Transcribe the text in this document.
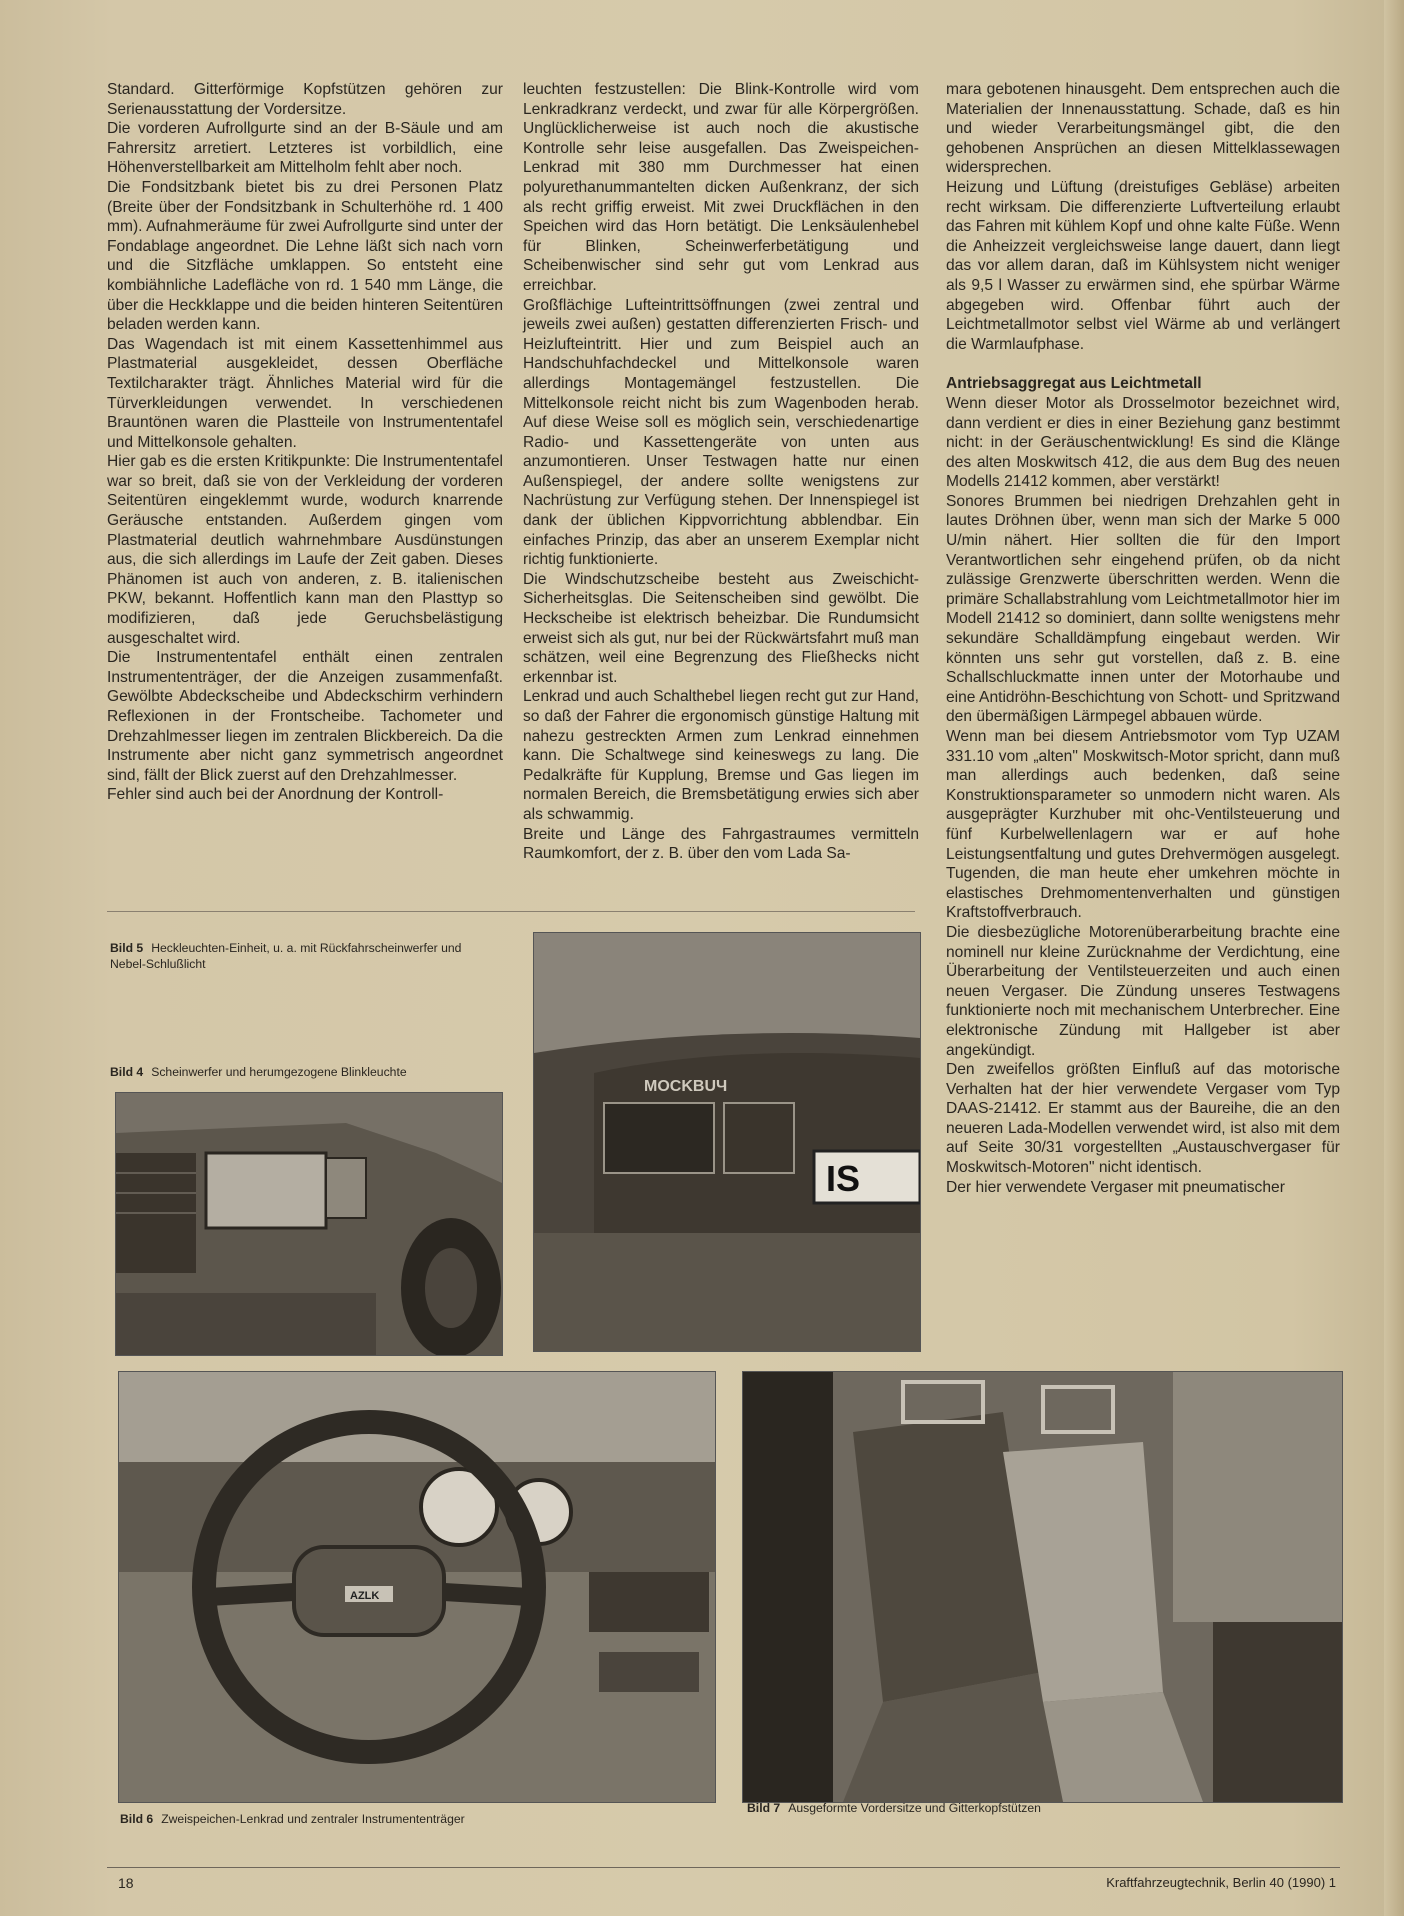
Standard. Gitterförmige Kopfstützen gehören zur Serienausstattung der Vordersitze.

Die vorderen Aufrollgurte sind an der B-Säule und am Fahrersitz arretiert. Letzteres ist vorbildlich, eine Höhenverstellbarkeit am Mittelholm fehlt aber noch.

Die Fondsitzbank bietet bis zu drei Personen Platz (Breite über der Fondsitzbank in Schulterhöhe rd. 1 400 mm). Aufnahmeräume für zwei Aufrollgurte sind unter der Fondablage angeordnet. Die Lehne läßt sich nach vorn und die Sitzfläche umklappen. So entsteht eine kombiähnliche Ladefläche von rd. 1 540 mm Länge, die über die Heckklappe und die beiden hinteren Seitentüren beladen werden kann.

Das Wagendach ist mit einem Kassettenhimmel aus Plastmaterial ausgekleidet, dessen Oberfläche Textilcharakter trägt. Ähnliches Material wird für die Türverkleidungen verwendet. In verschiedenen Brauntönen waren die Plastteile von Instrumententafel und Mittelkonsole gehalten.

Hier gab es die ersten Kritikpunkte: Die Instrumententafel war so breit, daß sie von der Verkleidung der vorderen Seitentüren eingeklemmt wurde, wodurch knarrende Geräusche entstanden. Außerdem gingen vom Plastmaterial deutlich wahrnehmbare Ausdünstungen aus, die sich allerdings im Laufe der Zeit gaben. Dieses Phänomen ist auch von anderen, z. B. italienischen PKW, bekannt. Hoffentlich kann man den Plasttyp so modifizieren, daß jede Geruchsbelästigung ausgeschaltet wird.

Die Instrumententafel enthält einen zentralen Instrumententräger, der die Anzeigen zusammenfaßt. Gewölbte Abdeckscheibe und Abdeckschirm verhindern Reflexionen in der Frontscheibe. Tachometer und Drehzahlmesser liegen im zentralen Blickbereich. Da die Instrumente aber nicht ganz symmetrisch angeordnet sind, fällt der Blick zuerst auf den Drehzahlmesser.

Fehler sind auch bei der Anordnung der Kontroll-

leuchten festzustellen: Die Blink-Kontrolle wird vom Lenkradkranz verdeckt, und zwar für alle Körpergrößen. Unglücklicherweise ist auch noch die akustische Kontrolle sehr leise ausgefallen. Das Zweispeichen-Lenkrad mit 380 mm Durchmesser hat einen polyurethanummantelten dicken Außenkranz, der sich als recht griffig erweist. Mit zwei Druckflächen in den Speichen wird das Horn betätigt. Die Lenksäulenhebel für Blinken, Scheinwerferbetätigung und Scheibenwischer sind sehr gut vom Lenkrad aus erreichbar.

Großflächige Lufteintrittsöffnungen (zwei zentral und jeweils zwei außen) gestatten differenzierten Frisch- und Heizlufteintritt. Hier und zum Beispiel auch an Handschuhfachdeckel und Mittelkonsole waren allerdings Montagemängel festzustellen. Die Mittelkonsole reicht nicht bis zum Wagenboden herab. Auf diese Weise soll es möglich sein, verschiedenartige Radio- und Kassettengeräte von unten aus anzumontieren. Unser Testwagen hatte nur einen Außenspiegel, der andere sollte wenigstens zur Nachrüstung zur Verfügung stehen. Der Innenspiegel ist dank der üblichen Kippvorrichtung abblendbar. Ein einfaches Prinzip, das aber an unserem Exemplar nicht richtig funktionierte.

Die Windschutzscheibe besteht aus Zweischicht-Sicherheitsglas. Die Seitenscheiben sind gewölbt. Die Heckscheibe ist elektrisch beheizbar. Die Rundumsicht erweist sich als gut, nur bei der Rückwärtsfahrt muß man schätzen, weil eine Begrenzung des Fließhecks nicht erkennbar ist.

Lenkrad und auch Schalthebel liegen recht gut zur Hand, so daß der Fahrer die ergonomisch günstige Haltung mit nahezu gestreckten Armen zum Lenkrad einnehmen kann. Die Schaltwege sind keineswegs zu lang. Die Pedalkräfte für Kupplung, Bremse und Gas liegen im normalen Bereich, die Bremsbetätigung erwies sich aber als schwammig.

Breite und Länge des Fahrgastraumes vermitteln Raumkomfort, der z. B. über den vom Lada Sa-

mara gebotenen hinausgeht. Dem entsprechen auch die Materialien der Innenausstattung. Schade, daß es hin und wieder Verarbeitungsmängel gibt, die den gehobenen Ansprüchen an diesen Mittelklassewagen widersprechen.

Heizung und Lüftung (dreistufiges Gebläse) arbeiten recht wirksam. Die differenzierte Luftverteilung erlaubt das Fahren mit kühlem Kopf und ohne kalte Füße. Wenn die Anheizzeit vergleichsweise lange dauert, dann liegt das vor allem daran, daß im Kühlsystem nicht weniger als 9,5 l Wasser zu erwärmen sind, ehe spürbar Wärme abgegeben wird. Offenbar führt auch der Leichtmetallmotor selbst viel Wärme ab und verlängert die Warmlaufphase.

Antriebsaggregat aus Leichtmetall

Wenn dieser Motor als Drosselmotor bezeichnet wird, dann verdient er dies in einer Beziehung ganz bestimmt nicht: in der Geräuschentwicklung! Es sind die Klänge des alten Moskwitsch 412, die aus dem Bug des neuen Modells 21412 kommen, aber verstärkt!

Sonores Brummen bei niedrigen Drehzahlen geht in lautes Dröhnen über, wenn man sich der Marke 5 000 U/min nähert. Hier sollten die für den Import Verantwortlichen sehr eingehend prüfen, ob da nicht zulässige Grenzwerte überschritten werden. Wenn die primäre Schallabstrahlung vom Leichtmetallmotor hier im Modell 21412 so dominiert, dann sollte wenigstens mehr sekundäre Schalldämpfung eingebaut werden. Wir könnten uns sehr gut vorstellen, daß z. B. eine Schallschluckmatte innen unter der Motorhaube und eine Antidröhn-Beschichtung von Schott- und Spritzwand den übermäßigen Lärmpegel abbauen würde.

Wenn man bei diesem Antriebsmotor vom Typ UZAM 331.10 vom „alten" Moskwitsch-Motor spricht, dann muß man allerdings auch bedenken, daß seine Konstruktionsparameter so unmodern nicht waren. Als ausgeprägter Kurzhuber mit ohc-Ventilsteuerung und fünf Kurbelwellenlagern war er auf hohe Leistungsentfaltung und gutes Drehvermögen ausgelegt. Tugenden, die man heute eher umkehren möchte in elastisches Drehmomentenverhalten und günstigen Kraftstoffverbrauch.

Die diesbezügliche Motorenüberarbeitung brachte eine nominell nur kleine Zurücknahme der Verdichtung, eine Überarbeitung der Ventilsteuerzeiten und auch einen neuen Vergaser. Die Zündung unseres Testwagens funktionierte noch mit mechanischem Unterbrecher. Eine elektronische Zündung mit Hallgeber ist aber angekündigt.

Den zweifellos größten Einfluß auf das motorische Verhalten hat der hier verwendete Vergaser vom Typ DAAS-21412. Er stammt aus der Baureihe, die an den neueren Lada-Modellen verwendet wird, ist also mit dem auf Seite 30/31 vorgestellten „Austauschvergaser für Moskwitsch-Motoren" nicht identisch.

Der hier verwendete Vergaser mit pneumatischer

Bild 5 Heckleuchten-Einheit, u. a. mit Rückfahrscheinwerfer und Nebel-Schlußlicht
Bild 4 Scheinwerfer und herumgezogene Blinkleuchte
IS
MOCKBUЧ
AZLK
Bild 6 Zweispeichen-Lenkrad und zentraler Instrumententräger
Bild 7 Ausgeformte Vordersitze und Gitterkopfstützen
18	Kraftfahrzeugtechnik, Berlin 40 (1990) 1
